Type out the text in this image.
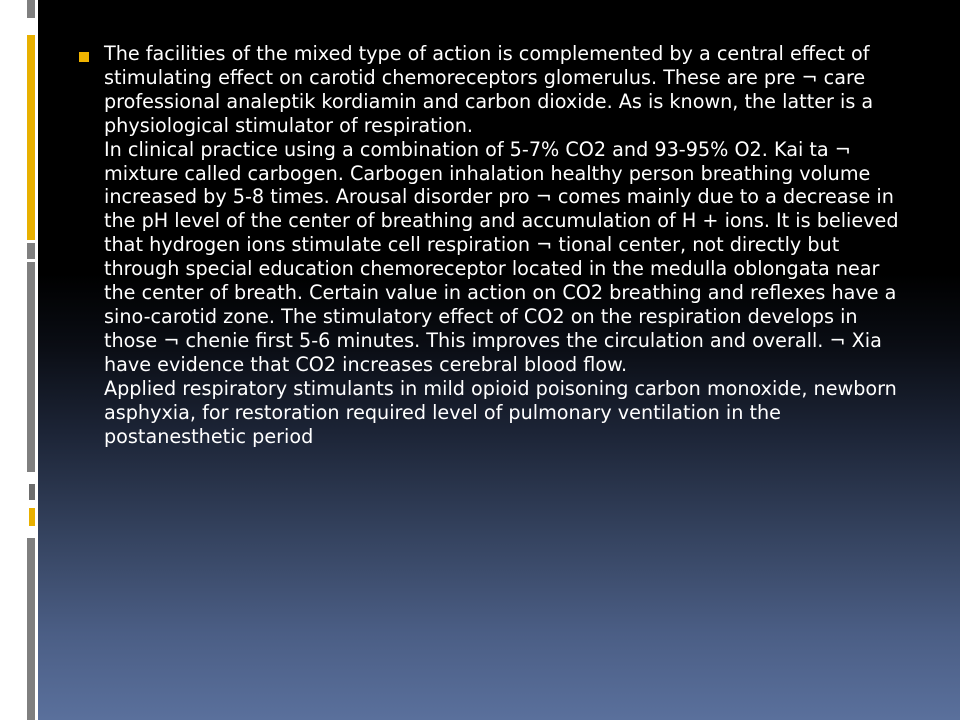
The facilities of the mixed type of action is complemented by a central effect of stimulating effect on carotid chemoreceptors glomerulus. These are pre ¬ care professional analeptik kordiamin and carbon dioxide. As is known, the latter is a physiological stimulator of respiration.
In clinical practice using a combination of 5-7% CO2 and 93-95% O2. Kai ta ¬ mixture called carbogen. Carbogen inhalation healthy person breathing volume increased by 5-8 times. Arousal disorder pro ¬ comes mainly due to a decrease in the pH level of the center of breathing and accumulation of H + ions. It is believed that hydrogen ions stimulate cell respiration ¬ tional center, not directly but through special education chemoreceptor located in the medulla oblongata near the center of breath. Certain value in action on CO2 breathing and reflexes have a sino-carotid zone. The stimulatory effect of CO2 on the respiration develops in those ¬ chenie first 5-6 minutes. This improves the circulation and overall. ¬ Xia have evidence that CO2 increases cerebral blood flow.
Applied respiratory stimulants in mild opioid poisoning carbon monoxide, newborn asphyxia, for restoration required level of pulmonary ventilation in the postanesthetic period
